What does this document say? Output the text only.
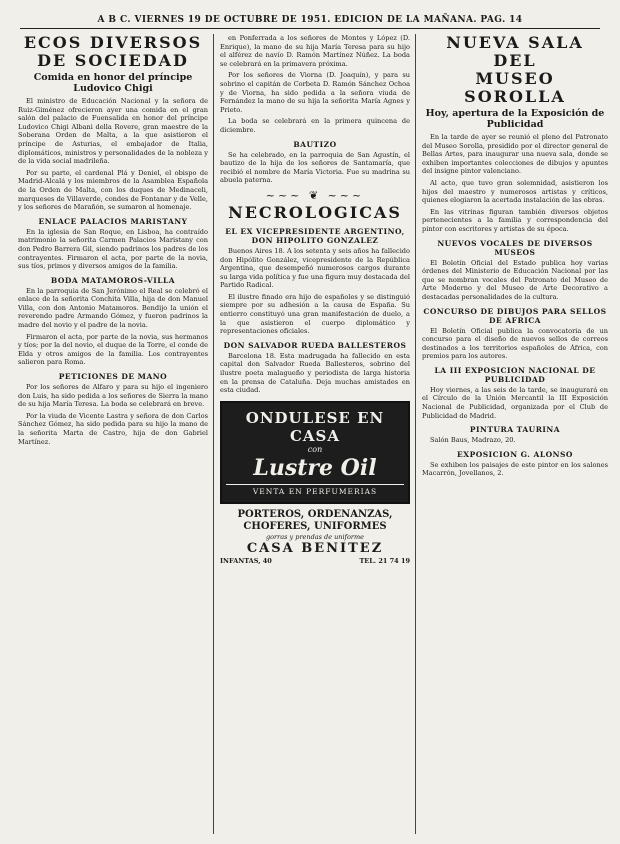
A B C. VIERNES 19 DE OCTUBRE DE 1951. EDICION DE LA MAÑANA. PAG. 14
ECOS DIVERSOS
DE SOCIEDAD
Comida en honor del príncipe Ludovico Chigi

El ministro de Educación Nacional y la señora de Ruiz-Giménez ofrecieron ayer una comida en el gran salón del palacio de Fuensalida en honor del príncipe Ludovico Chigi Albani della Rovere, gran maestre de la Soberana Orden de Malta, a la que asistieron el príncipe de Asturias, el embajador de Italia, diplomáticos, ministros y personalidades de la nobleza y de la vida social madrileña.

Por su parte, el cardenal Plá y Deniel, el obispo de Madrid-Alcalá y los miembros de la Asamblea Española de la Orden de Malta, con los duques de Medinaceli, marqueses de Villaverde, condes de Fontanar y de Velle, y los señores de Marañón, se sumaron al homenaje.

ENLACE PALACIOS MARISTANY

En la iglesia de San Roque, en Lisboa, ha contraído matrimonio la señorita Carmen Palacios Maristany con don Pedro Barrera Gil, siendo padrinos los padres de los contrayentes. Firmaron el acta, por parte de la novia, sus tíos, primos y diversos amigos de la familia.

BODA MATAMOROS-VILLA

En la parroquia de San Jerónimo el Real se celebró el enlace de la señorita Conchita Villa, hija de don Manuel Villa, con don Antonio Matamoros. Bendijo la unión el reverendo padre Armando Gómez, y fueron padrinos la madre del novio y el padre de la novia.

Firmaron el acta, por parte de la novia, sus hermanos y tíos; por la del novio, el duque de la Torre, el conde de Elda y otros amigos de la familia. Los contrayentes salieron para Roma.

PETICIONES DE MANO

Por los señores de Alfaro y para su hijo el ingeniero don Luis, ha sido pedida a los señores de Sierra la mano de su hija María Teresa. La boda se celebrará en breve.

Por la viuda de Vicente Lastra y señora de don Carlos Sánchez Gómez, ha sido pedida para su hijo la mano de la señorita Marta de Castro, hija de don Gabriel Martínez.

en Ponferrada a los señores de Montes y López (D. Enrique), la mano de su hija María Teresa para su hijo el alférez de navío D. Ramón Martínez Núñez. La boda se celebrará en la primavera próxima.

Por los señores de Viorna (D. Joaquín), y para su sobrino el capitán de Corbeta D. Ramón Sánchez Ochoa y de Viorna, ha sido pedida a la señora viuda de Fernández la mano de su hija la señorita María Agnes y Prieto.

La boda se celebrará en la primera quincena de diciembre.

BAUTIZO

Se ha celebrado, en la parroquia de San Agustín, el bautizo de la hija de los señores de Santamaría, que recibió el nombre de María Victoria. Fue su madrina su abuela paterna.

~~~ ❦ ~~~
NECROLOGICAS
EL EX VICEPRESIDENTE ARGENTINO, DON HIPOLITO GONZALEZ

Buenos Aires 18. A los setenta y seis años ha fallecido don Hipólito González, vicepresidente de la República Argentina, que desempeñó numerosos cargos durante su larga vida política y fue una figura muy destacada del Partido Radical.

El ilustre finado era hijo de españoles y se distinguió siempre por su adhesión a la causa de España. Su entierro constituyó una gran manifestación de duelo, a la que asistieron el cuerpo diplomático y representaciones oficiales.

DON SALVADOR RUEDA BALLESTEROS

Barcelona 18. Esta madrugada ha fallecido en esta capital don Salvador Rueda Ballesteros, sobrino del ilustre poeta malagueño y periodista de larga historia en la prensa de Cataluña. Deja muchas amistades en esta ciudad.

ONDULESE EN CASA
con
Lustre Oil
VENTA EN PERFUMERIAS
PORTEROS, ORDENANZAS, CHOFERES, UNIFORMES
gorras y prendas de uniforme
CASA BENITEZ
INFANTAS, 40	TEL. 21 74 19
NUEVA SALA DEL
MUSEO SOROLLA
Hoy, apertura de la Exposición de Publicidad

En la tarde de ayer se reunió el pleno del Patronato del Museo Sorolla, presidido por el director general de Bellas Artes, para inaugurar una nueva sala, donde se exhiben importantes colecciones de dibujos y apuntes del insigne pintor valenciano.

Al acto, que tuvo gran solemnidad, asistieron los hijos del maestro y numerosos artistas y críticos, quienes elogiaron la acertada instalación de las obras.

En las vitrinas figuran también diversos objetos pertenecientes a la familia y correspondencia del pintor con escritores y artistas de su época.

NUEVOS VOCALES DE DIVERSOS MUSEOS

El Boletín Oficial del Estado publica hoy varias órdenes del Ministerio de Educación Nacional por las que se nombran vocales del Patronato del Museo de Arte Moderno y del Museo de Arte Decorativo a destacadas personalidades de la cultura.

CONCURSO DE DIBUJOS PARA SELLOS DE AFRICA

El Boletín Oficial publica la convocatoria de un concurso para el diseño de nuevos sellos de correos destinados a los territorios españoles de África, con premios para los autores.

LA III EXPOSICION NACIONAL DE PUBLICIDAD

Hoy viernes, a las seis de la tarde, se inaugurará en el Círculo de la Unión Mercantil la III Exposición Nacional de Publicidad, organizada por el Club de Publicidad de Madrid.

PINTURA TAURINA

Salón Baus, Madrazo, 20.

EXPOSICION G. ALONSO

Se exhiben los paisajes de este pintor en los salones Macarrón, Jovellanos, 2.
